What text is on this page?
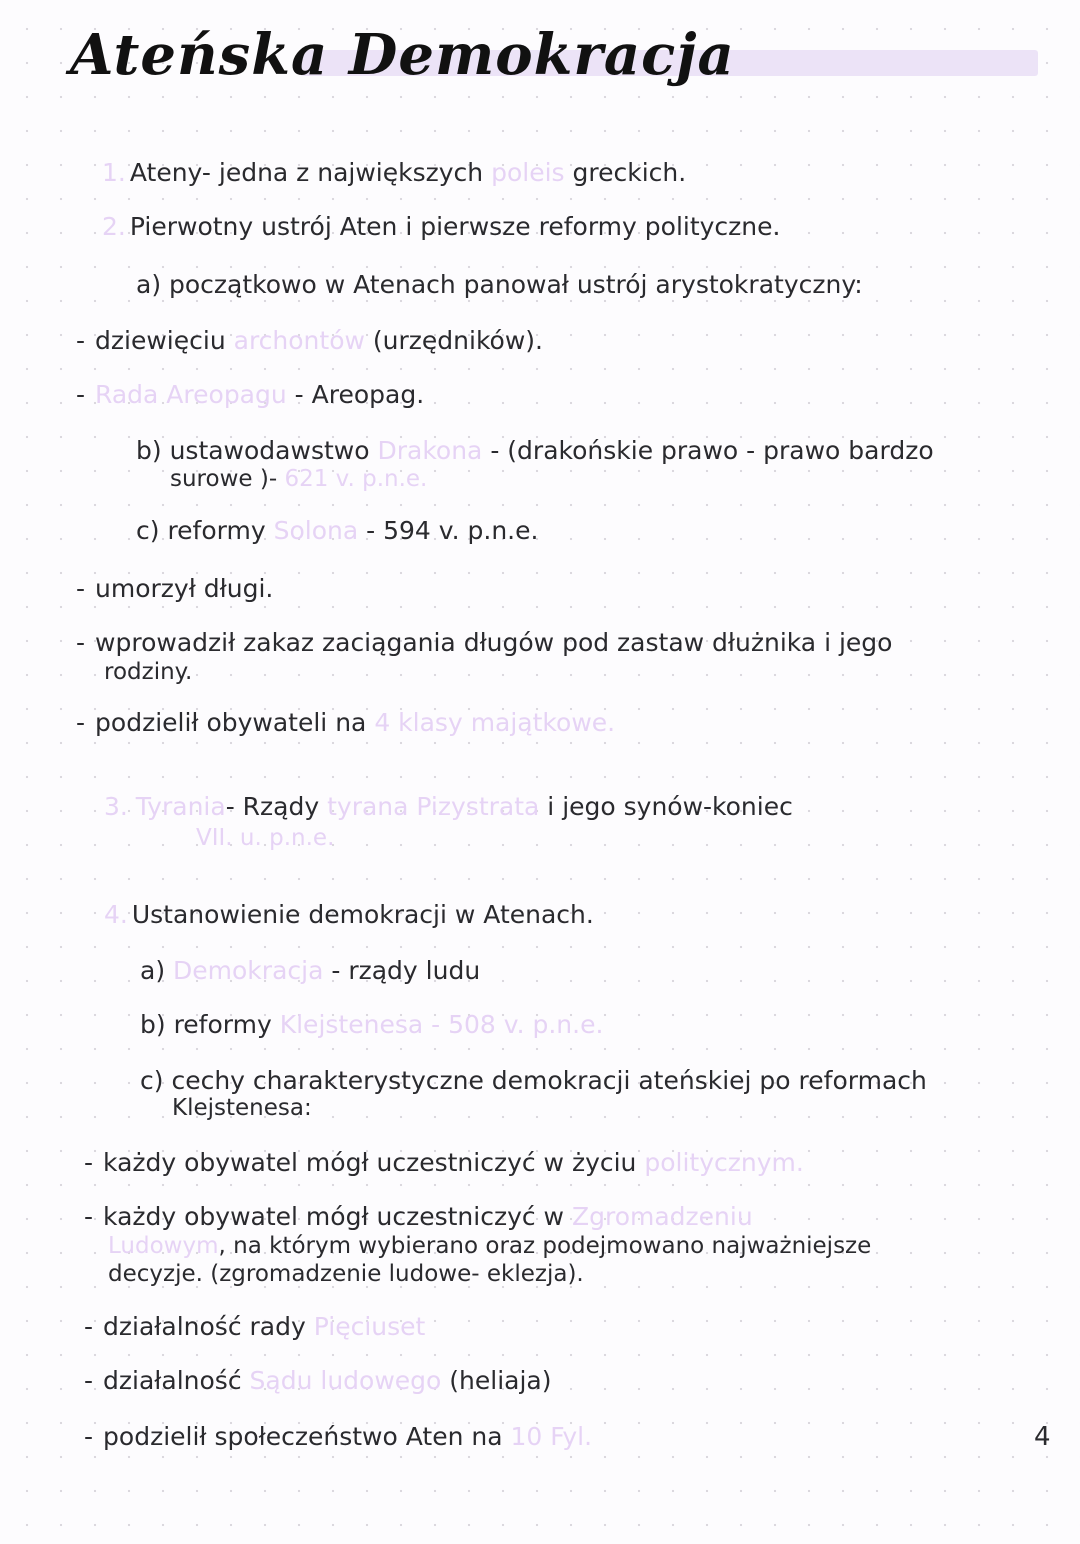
Ateńska Demokracja
1. Ateny- jedna z największych poleis greckich.
2. Pierwotny ustrój Aten i pierwsze reformy polityczne.
a) początkowo w Atenach panował ustrój arystokratyczny:
- dziewięciu archontów (urzędników).
- Rada Areopagu - Areopag.
b) ustawodawstwo Drakona - (drakońskie prawo - prawo bardzo
surowe )- 621 v. p.n.e.
c) reformy Solona - 594 v. p.n.e.
- umorzył długi.
- wprowadził zakaz zaciągania długów pod zastaw dłużnika i jego
rodziny.
- podzielił obywateli na 4 klasy majątkowe.
3. Tyrania- Rządy tyrana Pizystrata i jego synów-koniec
VII. u. p.n.e.
4. Ustanowienie demokracji w Atenach.
a) Demokracja - rządy ludu
b) reformy Klejstenesa - 508 v. p.n.e.
c) cechy charakterystyczne demokracji ateńskiej po reformach
Klejstenesa:
- każdy obywatel mógł uczestniczyć w życiu politycznym.
- każdy obywatel mógł uczestniczyć w Zgromadzeniu
Ludowym, na którym wybierano oraz podejmowano najważniejsze
decyzje. (zgromadzenie ludowe- eklezja).
- działalność rady Pięciuset
- działalność Sądu ludowego (heliaja)
- podzielił społeczeństwo Aten na 10 Fyl.	4
